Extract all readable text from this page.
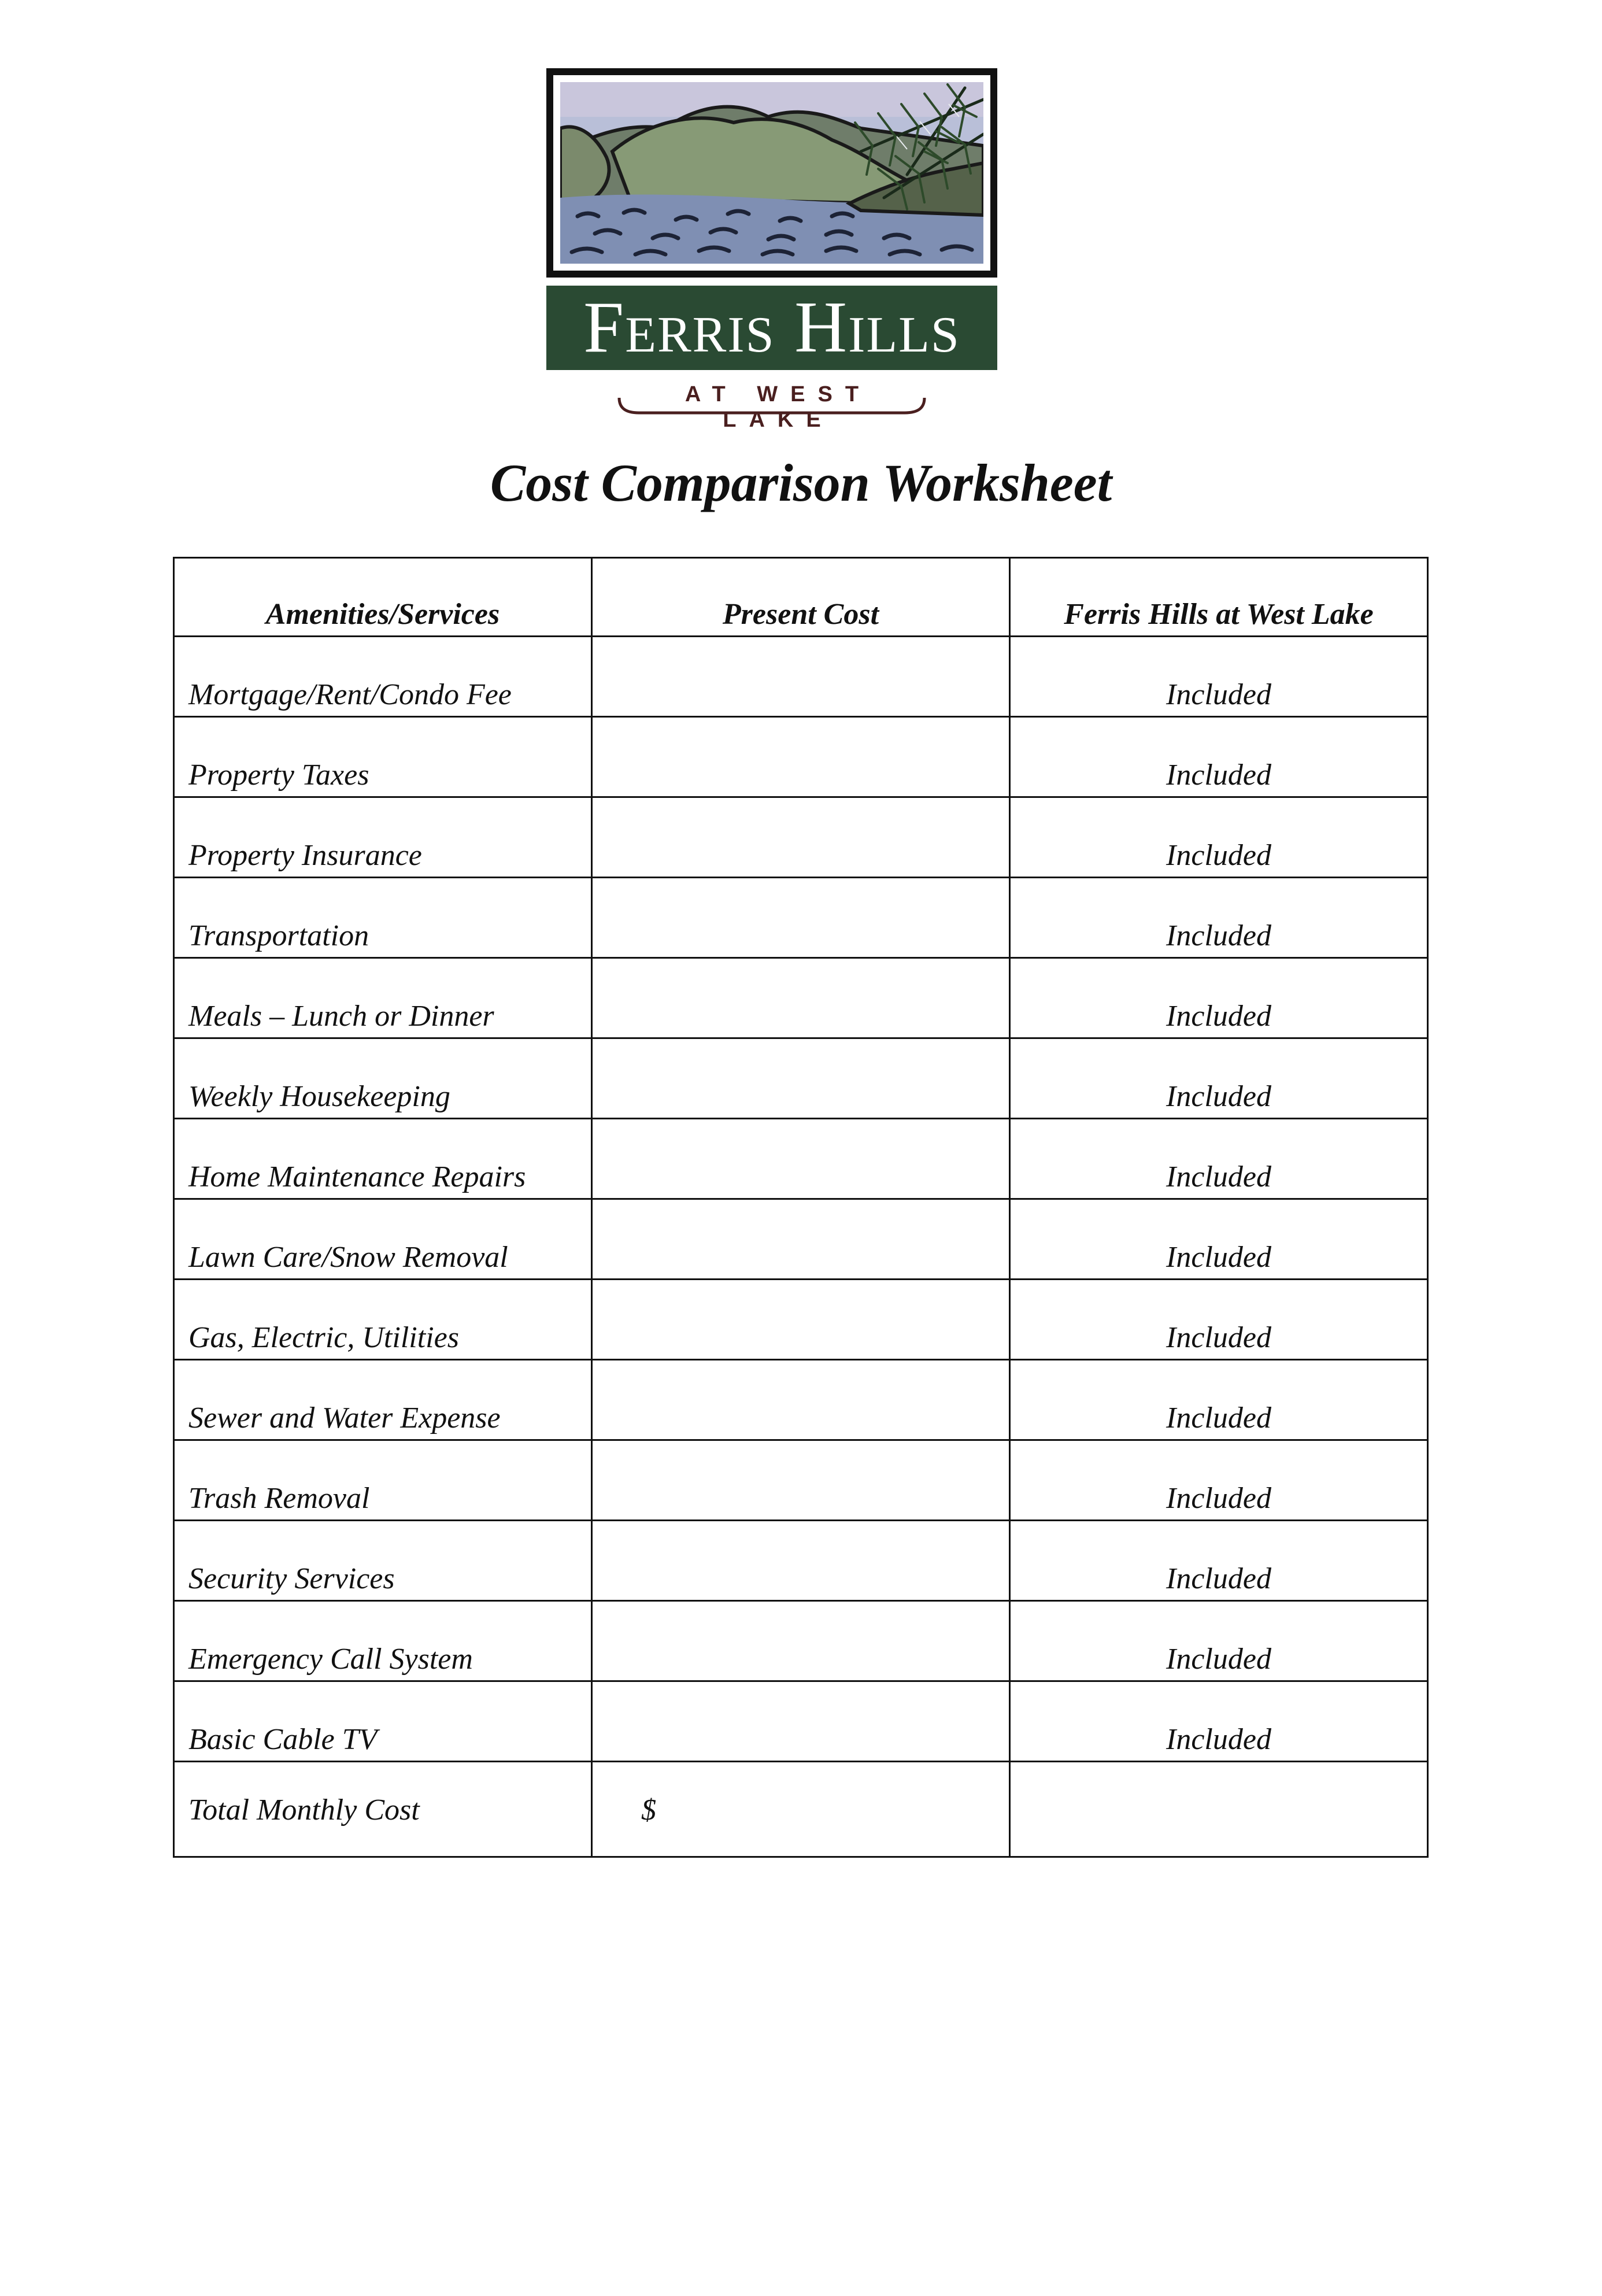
Ferris Hills
AT WEST LAKE
Cost Comparison Worksheet
Amenities/Services	Present Cost	Ferris Hills at West Lake
Mortgage/Rent/Condo Fee		Included
Property Taxes		Included
Property Insurance		Included
Transportation		Included
Meals – Lunch or Dinner		Included
Weekly Housekeeping		Included
Home Maintenance Repairs		Included
Lawn Care/Snow Removal		Included
Gas, Electric, Utilities		Included
Sewer and Water Expense		Included
Trash Removal		Included
Security Services		Included
Emergency Call System		Included
Basic Cable TV		Included
Total Monthly Cost	$	
